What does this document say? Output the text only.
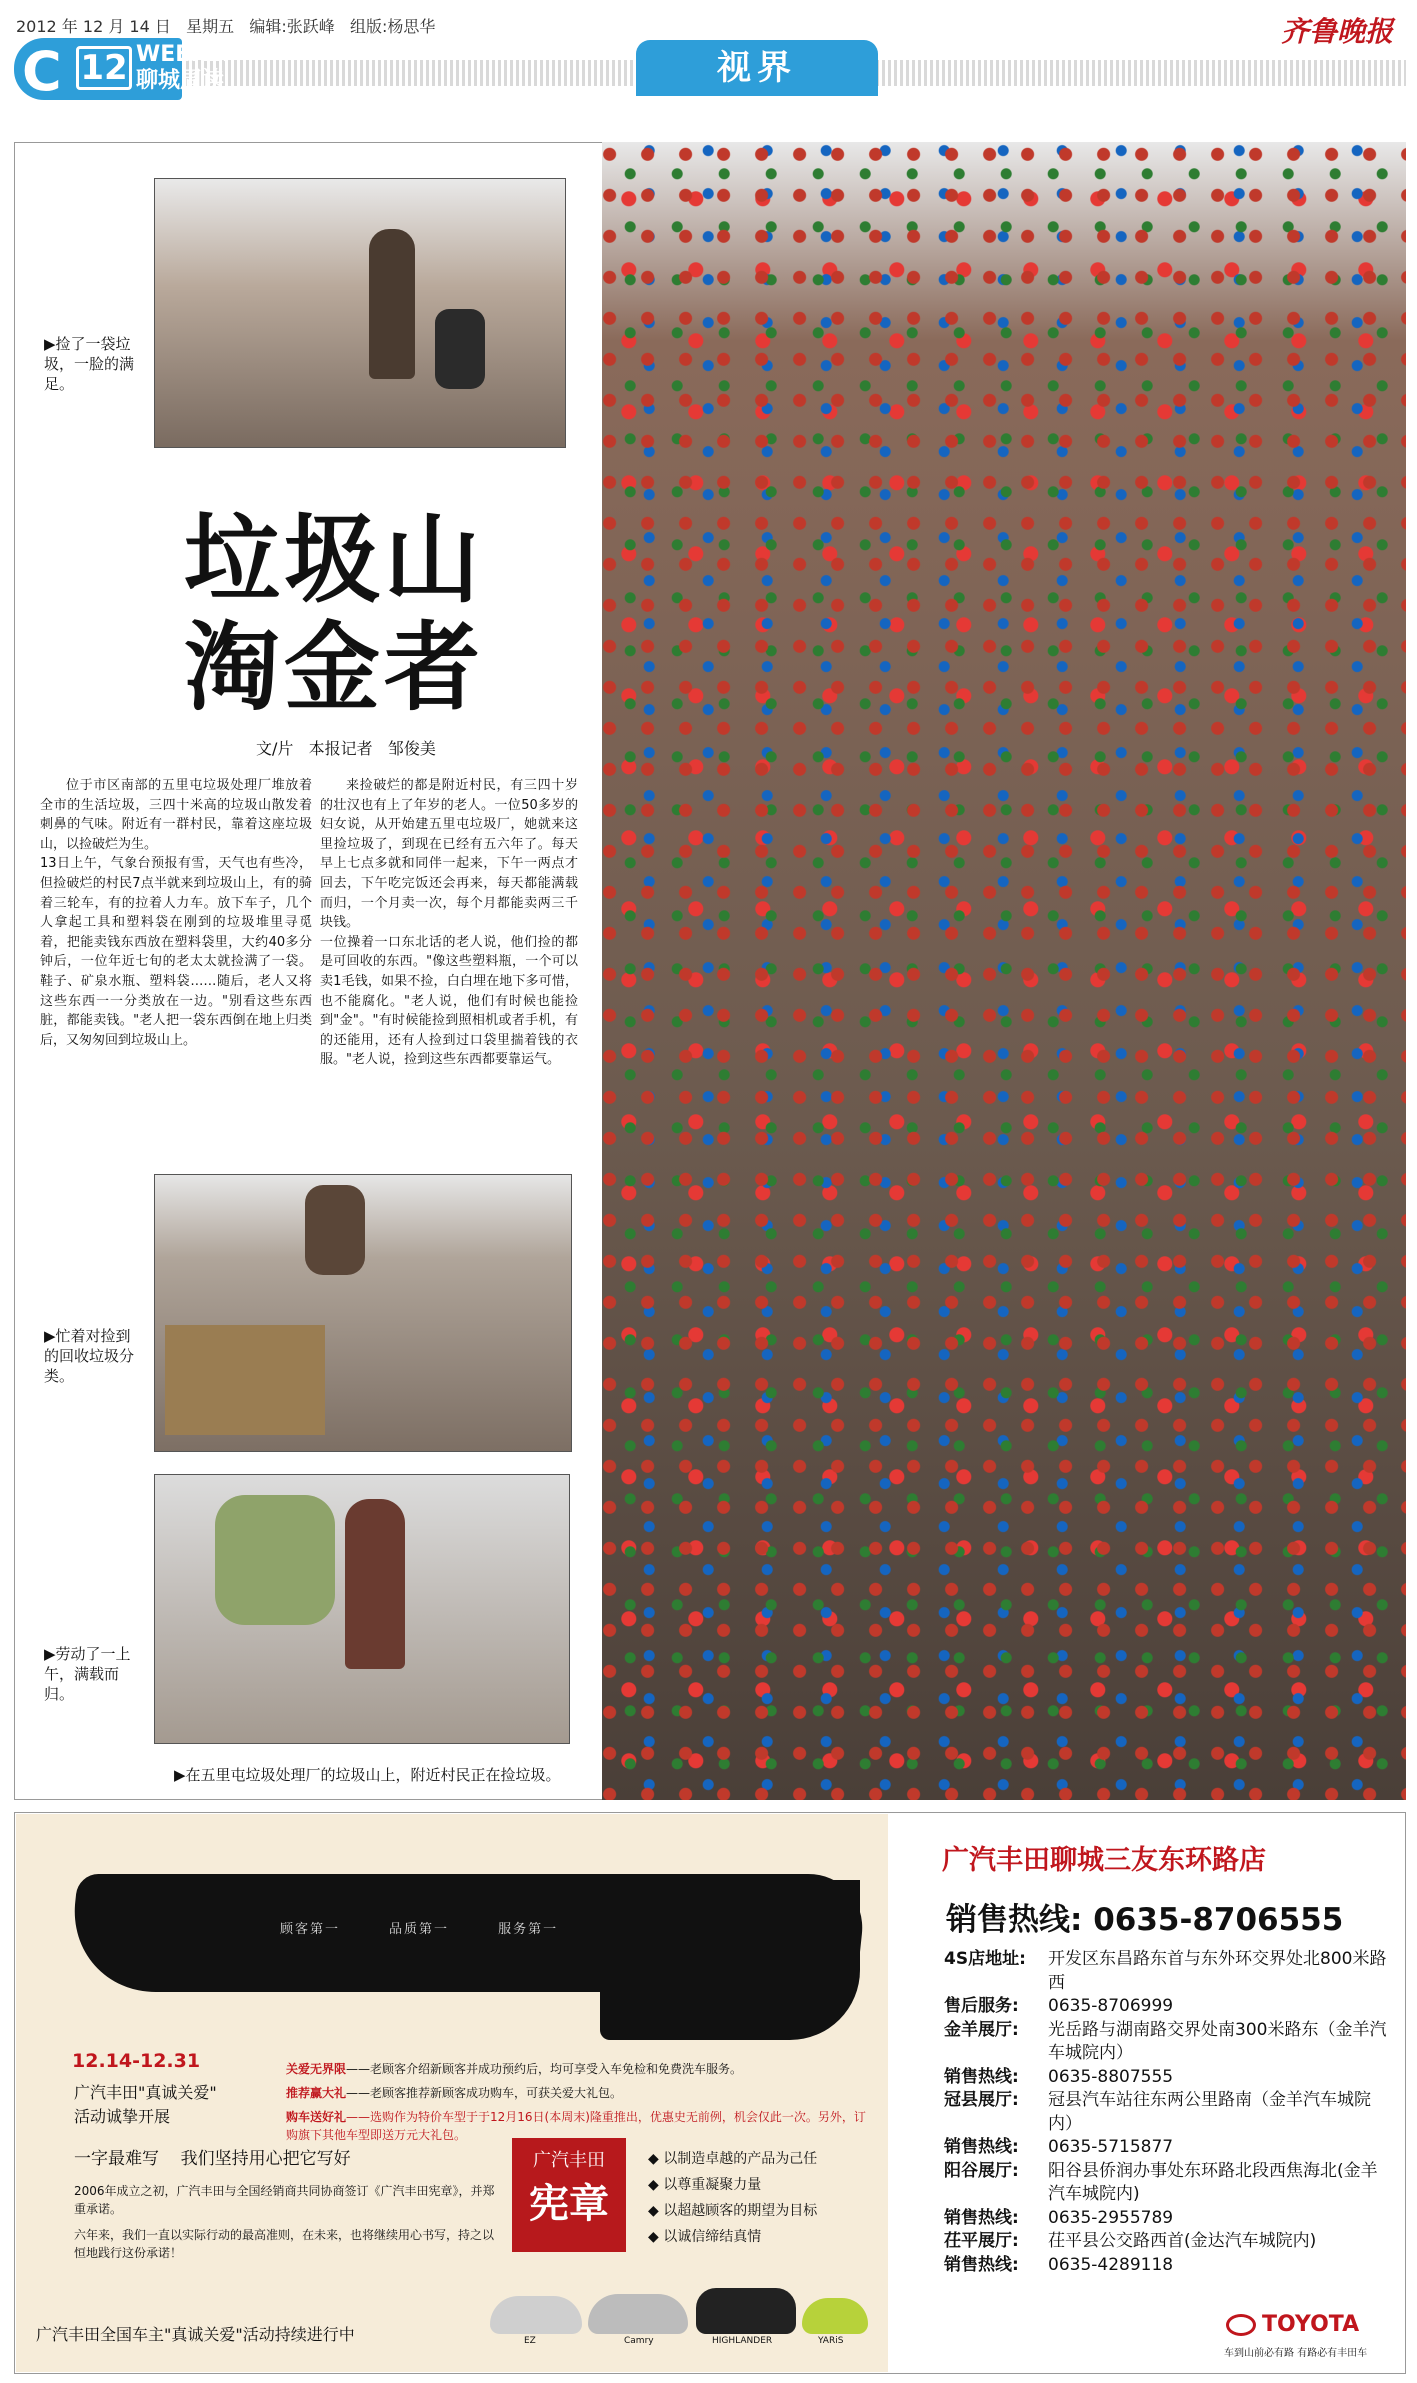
2012 年 12 月 14 日   星期五   编辑:张跃峰   组版:杨思华	齐鲁晚报
C 12 WEEKLY
聊城周读	视界
▶捡了一袋垃圾，一脸的满足。
垃圾山
淘金者
文/片   本报记者   邹俊美
位于市区南部的五里屯垃圾处理厂堆放着全市的生活垃圾，三四十米高的垃圾山散发着刺鼻的气味。附近有一群村民，靠着这座垃圾山，以捡破烂为生。
13日上午，气象台预报有雪，天气也有些冷，但捡破烂的村民7点半就来到垃圾山上，有的骑着三轮车，有的拉着人力车。放下车子，几个人拿起工具和塑料袋在刚到的垃圾堆里寻觅着，把能卖钱东西放在塑料袋里，大约40多分钟后，一位年近七旬的老太太就捡满了一袋。鞋子、矿泉水瓶、塑料袋……随后，老人又将这些东西一一分类放在一边。"别看这些东西脏，都能卖钱。"老人把一袋东西倒在地上归类后，又匆匆回到垃圾山上。
来捡破烂的都是附近村民，有三四十岁的壮汉也有上了年岁的老人。一位50多岁的妇女说，从开始建五里屯垃圾厂，她就来这里捡垃圾了，到现在已经有五六年了。每天早上七点多就和同伴一起来，下午一两点才回去，下午吃完饭还会再来，每天都能满载而归，一个月卖一次，每个月都能卖两三千块钱。
一位操着一口东北话的老人说，他们捡的都是可回收的东西。"像这些塑料瓶，一个可以卖1毛钱，如果不捡，白白埋在地下多可惜，也不能腐化。"老人说，他们有时候也能捡到"金"。"有时候能捡到照相机或者手机，有的还能用，还有人捡到过口袋里揣着钱的衣服。"老人说，捡到这些东西都要靠运气。
▶忙着对捡到的回收垃圾分类。
▶劳动了一上午，满载而归。
▶在五里屯垃圾处理厂的垃圾山上，附近村民正在捡垃圾。
顾客第一        品质第一        服务第一
12.14-12.31
广汽丰田"真诚关爱"
活动诚挚开展
关爱无界限——老顾客介绍新顾客并成功预约后，均可享受入车免检和免费洗车服务。
推荐赢大礼——老顾客推荐新顾客成功购车，可获关爱大礼包。
购车送好礼——选购作为特价车型于于12月16日(本周末)隆重推出，优惠史无前例，机会仅此一次。另外，订购旗下其他车型即送万元大礼包。
一字最难写    我们坚持用心把它写好
2006年成立之初，广汽丰田与全国经销商共同协商签订《广汽丰田宪章》，并郑重承诺。
六年来，我们一直以实际行动的最高准则，在未来，也将继续用心书写，持之以恒地践行这份承诺！
广汽丰田
宪章
◆ 以制造卓越的产品为己任
◆ 以尊重凝聚力量
◆ 以超越顾客的期望为目标
◆ 以诚信缔结真情
EZ	Camry	HIGHLANDER	YARiS
广汽丰田全国车主"真诚关爱"活动持续进行中
广汽丰田聊城三友东环路店
销售热线: 0635-8706555
4S店地址:	开发区东昌路东首与东外环交界处北800米路西
售后服务:	0635-8706999
金羊展厅:	光岳路与湖南路交界处南300米路东（金羊汽车城院内）
销售热线:	0635-8807555
冠县展厅:	冠县汽车站往东两公里路南（金羊汽车城院内）
销售热线:	0635-5715877
阳谷展厅:	阳谷县侨润办事处东环路北段西焦海北(金羊汽车城院内)
销售热线:	0635-2955789
茌平展厅:	茌平县公交路西首(金达汽车城院内)
销售热线:	0635-4289118
TOYOTA
车到山前必有路 有路必有丰田车
